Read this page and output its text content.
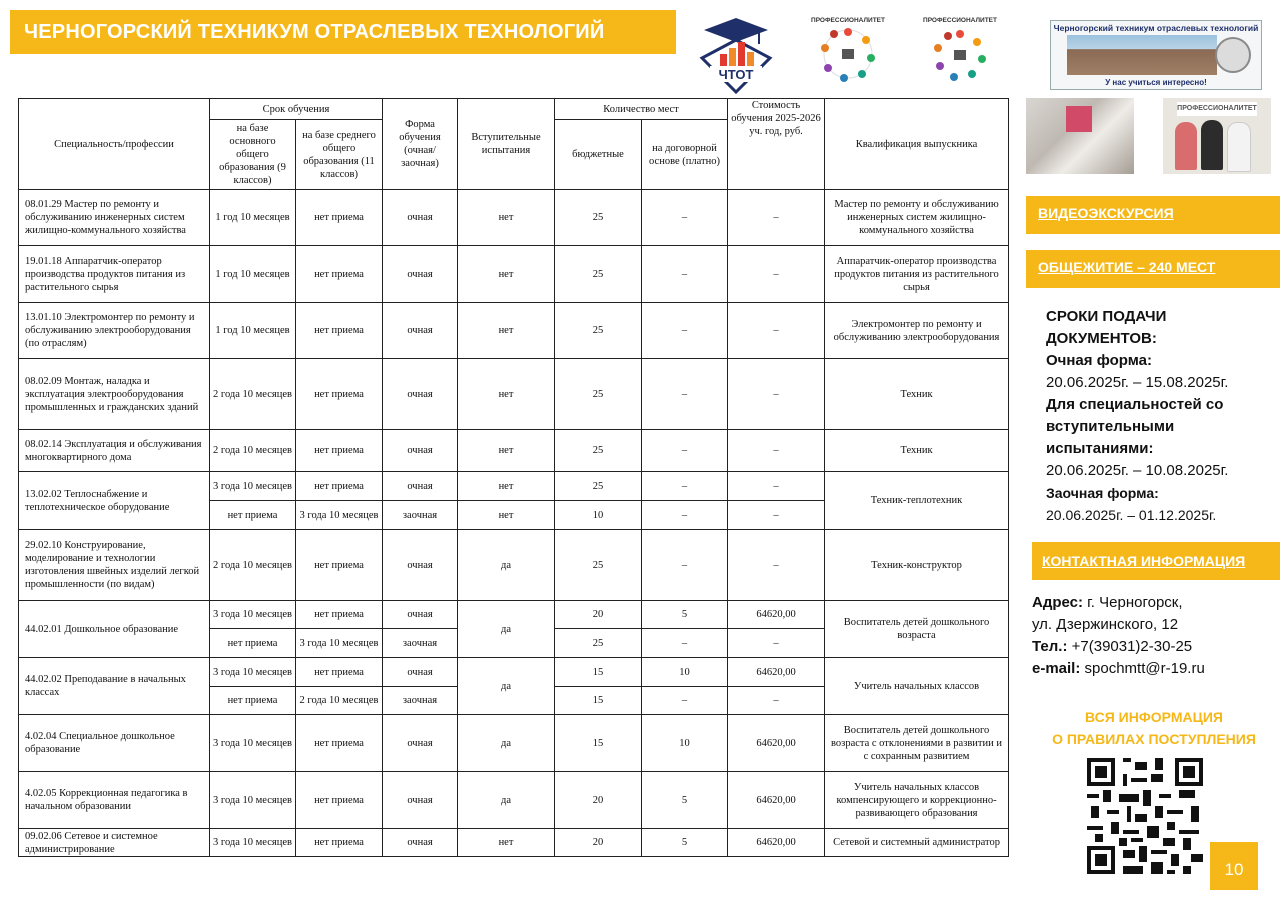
ЧЕРНОГОРСКИЙ ТЕХНИКУМ ОТРАСЛЕВЫХ ТЕХНОЛОГИЙ
ЧТОТ
ПРОФЕССИОНАЛИТЕТ	ПРОФЕССИОНАЛИТЕТ
Черногорский техникум отраслевых технологий
У нас учиться интересно!
ПРОФЕССИОНАЛИТЕТ
Специальность/профессии	Срок обучения		Форма обучения (очная/ заочная)	Вступительные испытания	Количество мест		Стоимость обучения 2025-2026 уч. год, руб.	Квалификация выпускника
	на базе основного общего образования (9 классов)	на базе среднего общего образования (11 классов)			бюджетные	на договорной основе (платно)		
08.01.29 Мастер по ремонту и обслуживанию инженерных систем жилищно-коммунального хозяйства	1 год 10 месяцев	нет приема	очная	нет	25	–	–	Мастер по ремонту и обслуживанию инженерных систем жилищно-коммунального хозяйства
19.01.18 Аппаратчик-оператор производства продуктов питания из растительного сырья	1 год 10 месяцев	нет приема	очная	нет	25	–	–	Аппаратчик-оператор производства продуктов питания из растительного сырья
13.01.10 Электромонтер по ремонту и обслуживанию электрооборудования (по отраслям)	1 год 10 месяцев	нет приема	очная	нет	25	–	–	Электромонтер по ремонту и обслуживанию электрооборудования
08.02.09 Монтаж, наладка и эксплуатация электрооборудования промышленных и гражданских зданий	2 года 10 месяцев	нет приема	очная	нет	25	–	–	Техник
08.02.14 Эксплуатация и обслуживания многоквартирного дома	2 года 10 месяцев	нет приема	очная	нет	25	–	–	Техник
13.02.02 Теплоснабжение и теплотехническое оборудование	3 года 10 месяцев	нет приема	очная	нет	25	–	–	Техник-теплотехник
	нет приема	3 года 10 месяцев	заочная	нет	10	–	–	
29.02.10 Конструирование, моделирование и технологии изготовления швейных изделий легкой промышленности (по видам)	2 года 10 месяцев	нет приема	очная	да	25	–	–	Техник-конструктор
44.02.01 Дошкольное образование	3 года 10 месяцев	нет приема	очная	да	20	5	64620,00	Воспитатель детей дошкольного возраста
	нет приема	3 года 10 месяцев	заочная		25	–	–	
44.02.02 Преподавание в начальных классах	3 года 10 месяцев	нет приема	очная	да	15	10	64620,00	Учитель начальных классов
	нет приема	2 года 10 месяцев	заочная		15	–	–	
4.02.04 Специальное дошкольное образование	3 года 10 месяцев	нет приема	очная	да	15	10	64620,00	Воспитатель детей дошкольного возраста с отклонениями в развитии и с сохранным развитием
4.02.05 Коррекционная педагогика в начальном образовании	3 года 10 месяцев	нет приема	очная	да	20	5	64620,00	Учитель начальных классов компенсирующего и коррекционно-развивающего образования
09.02.06 Сетевое и системное администрирование	3 года 10 месяцев	нет приема	очная	нет	20	5	64620,00	Сетевой и системный администратор
ВИДЕОЭКСКУРСИЯ
ОБЩЕЖИТИЕ – 240 МЕСТ
СРОКИ ПОДАЧИ ДОКУМЕНТОВ:
Очная форма:
20.06.2025г. – 15.08.2025г.
Для специальностей со вступительными испытаниями:
20.06.2025г. – 10.08.2025г.
Заочная форма:
20.06.2025г. – 01.12.2025г.
КОНТАКТНАЯ ИНФОРМАЦИЯ
Адрес: г. Черногорск,
ул. Дзержинского, 12
Тел.: +7(39031)2-30-25
e-mail: spochmtt@r-19.ru
ВСЯ ИНФОРМАЦИЯ
О ПРАВИЛАХ ПОСТУПЛЕНИЯ
10
